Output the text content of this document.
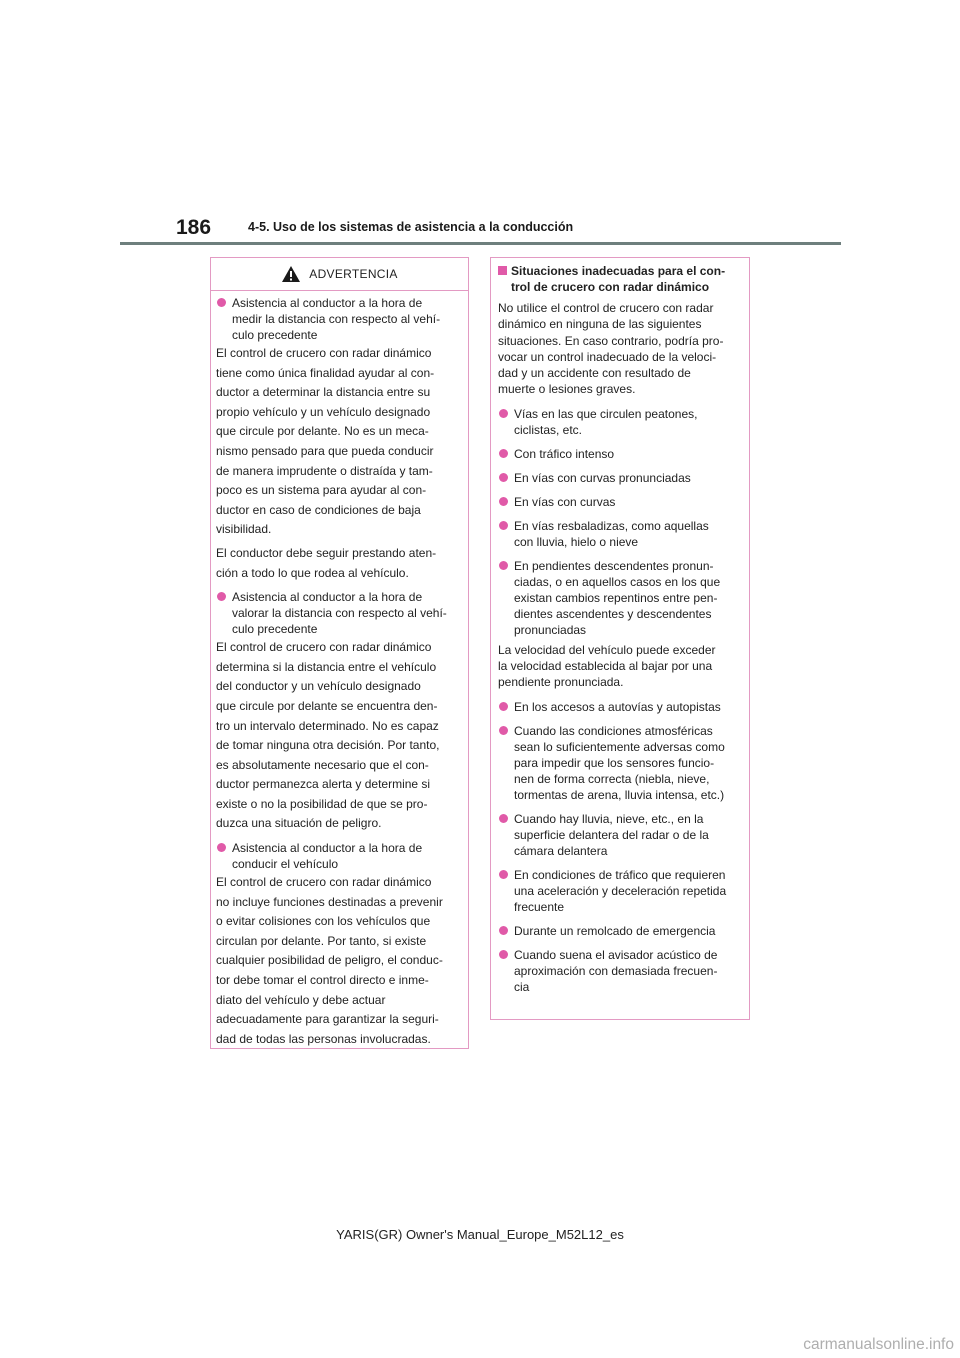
186	4-5. Uso de los sistemas de asistencia a la conducción
ADVERTENCIA
Asistencia al conductor a la hora de
medir la distancia con respecto al vehí-
culo precedente
El control de crucero con radar dinámico
tiene como única finalidad ayudar al con-
ductor a determinar la distancia entre su
propio vehículo y un vehículo designado
que circule por delante. No es un meca-
nismo pensado para que pueda conducir
de manera imprudente o distraída y tam-
poco es un sistema para ayudar al con-
ductor en caso de condiciones de baja
visibilidad.
El conductor debe seguir prestando aten-
ción a todo lo que rodea al vehículo.
Asistencia al conductor a la hora de
valorar la distancia con respecto al vehí-
culo precedente
El control de crucero con radar dinámico
determina si la distancia entre el vehículo
del conductor y un vehículo designado
que circule por delante se encuentra den-
tro un intervalo determinado. No es capaz
de tomar ninguna otra decisión. Por tanto,
es absolutamente necesario que el con-
ductor permanezca alerta y determine si
existe o no la posibilidad de que se pro-
duzca una situación de peligro.
Asistencia al conductor a la hora de
conducir el vehículo
El control de crucero con radar dinámico
no incluye funciones destinadas a prevenir
o evitar colisiones con los vehículos que
circulan por delante. Por tanto, si existe
cualquier posibilidad de peligro, el conduc-
tor debe tomar el control directo e inme-
diato del vehículo y debe actuar
adecuadamente para garantizar la seguri-
dad de todas las personas involucradas.
Situaciones inadecuadas para el con-
trol de crucero con radar dinámico
No utilice el control de crucero con radar
dinámico en ninguna de las siguientes
situaciones. En caso contrario, podría pro-
vocar un control inadecuado de la veloci-
dad y un accidente con resultado de
muerte o lesiones graves.
Vías en las que circulen peatones,
ciclistas, etc.
Con tráfico intenso
En vías con curvas pronunciadas
En vías con curvas
En vías resbaladizas, como aquellas
con lluvia, hielo o nieve
En pendientes descendentes pronun-
ciadas, o en aquellos casos en los que
existan cambios repentinos entre pen-
dientes ascendentes y descendentes
pronunciadas
La velocidad del vehículo puede exceder
la velocidad establecida al bajar por una
pendiente pronunciada.
En los accesos a autovías y autopistas
Cuando las condiciones atmosféricas
sean lo suficientemente adversas como
para impedir que los sensores funcio-
nen de forma correcta (niebla, nieve,
tormentas de arena, lluvia intensa, etc.)
Cuando hay lluvia, nieve, etc., en la
superficie delantera del radar o de la
cámara delantera
En condiciones de tráfico que requieren
una aceleración y deceleración repetida
frecuente
Durante un remolcado de emergencia
Cuando suena el avisador acústico de
aproximación con demasiada frecuen-
cia
YARIS(GR) Owner's Manual_Europe_M52L12_es
carmanualsonline.info
